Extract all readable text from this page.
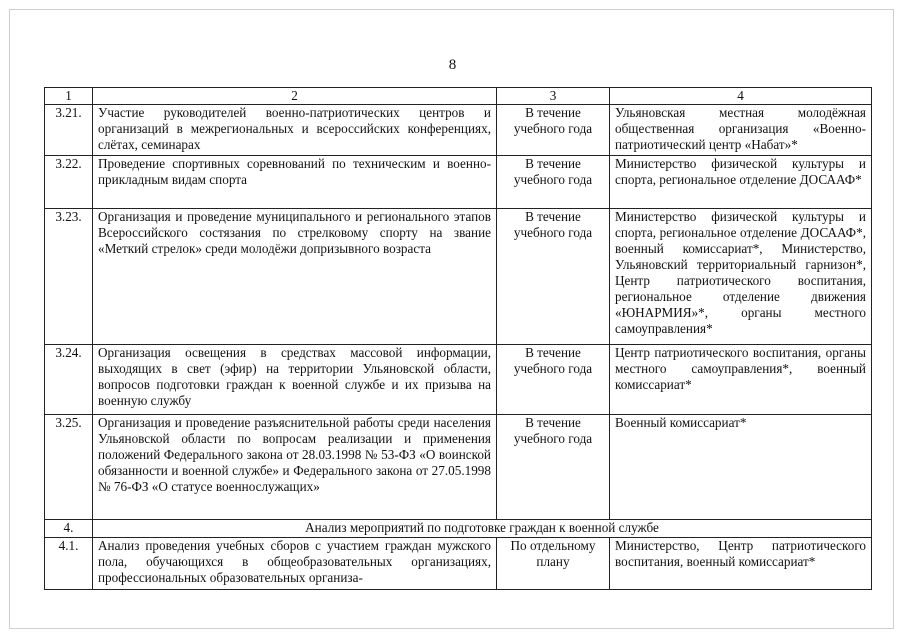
8
1	2	3	4
3.21.	Участие руководителей военно-патриотических центров и организаций в межрегиональных и всероссийских конференциях, слётах, семинарах	В течение учебного года	Ульяновская местная молодёжная общественная организация «Военно-патриотический центр «Набат»*
3.22.	Проведение спортивных соревнований по техническим и военно-прикладным видам спорта	В течение учебного года	Министерство физической культуры и спорта, региональное отделение ДОСААФ*
3.23.	Организация и проведение муниципального и регионального этапов Всероссийского состязания по стрелковому спорту на звание «Меткий стрелок» среди молодёжи допризывного возраста	В течение учебного года	Министерство физической культуры и спорта, региональное отделение ДОСААФ*, военный комиссариат*, Министерство, Ульяновский территориальный гарнизон*, Центр патриотического воспитания, региональное отделение движения «ЮНАРМИЯ»*, органы местного самоуправления*
3.24.	Организация освещения в средствах массовой информации, выходящих в свет (эфир) на территории Ульяновской области, вопросов подготовки граждан к военной службе и их призыва на военную службу	В течение учебного года	Центр патриотического воспитания, органы местного самоуправления*, военный комиссариат*
3.25.	Организация и проведение разъяснительной работы среди населения Ульяновской области по вопросам реализации и применения положений Федерального закона от 28.03.1998 № 53-ФЗ «О воинской обязанности и военной службе» и Федерального закона от 27.05.1998 № 76-ФЗ «О статусе военнослужащих»	В течение учебного года	Военный комиссариат*
4.	Анализ мероприятий по подготовке граждан к военной службе		
4.1.	Анализ проведения учебных сборов с участием граждан мужского пола, обучающихся в общеобразовательных организациях, профессиональных образовательных организа-	По отдельному плану	Министерство, Центр патриотического воспитания, военный комиссариат*
